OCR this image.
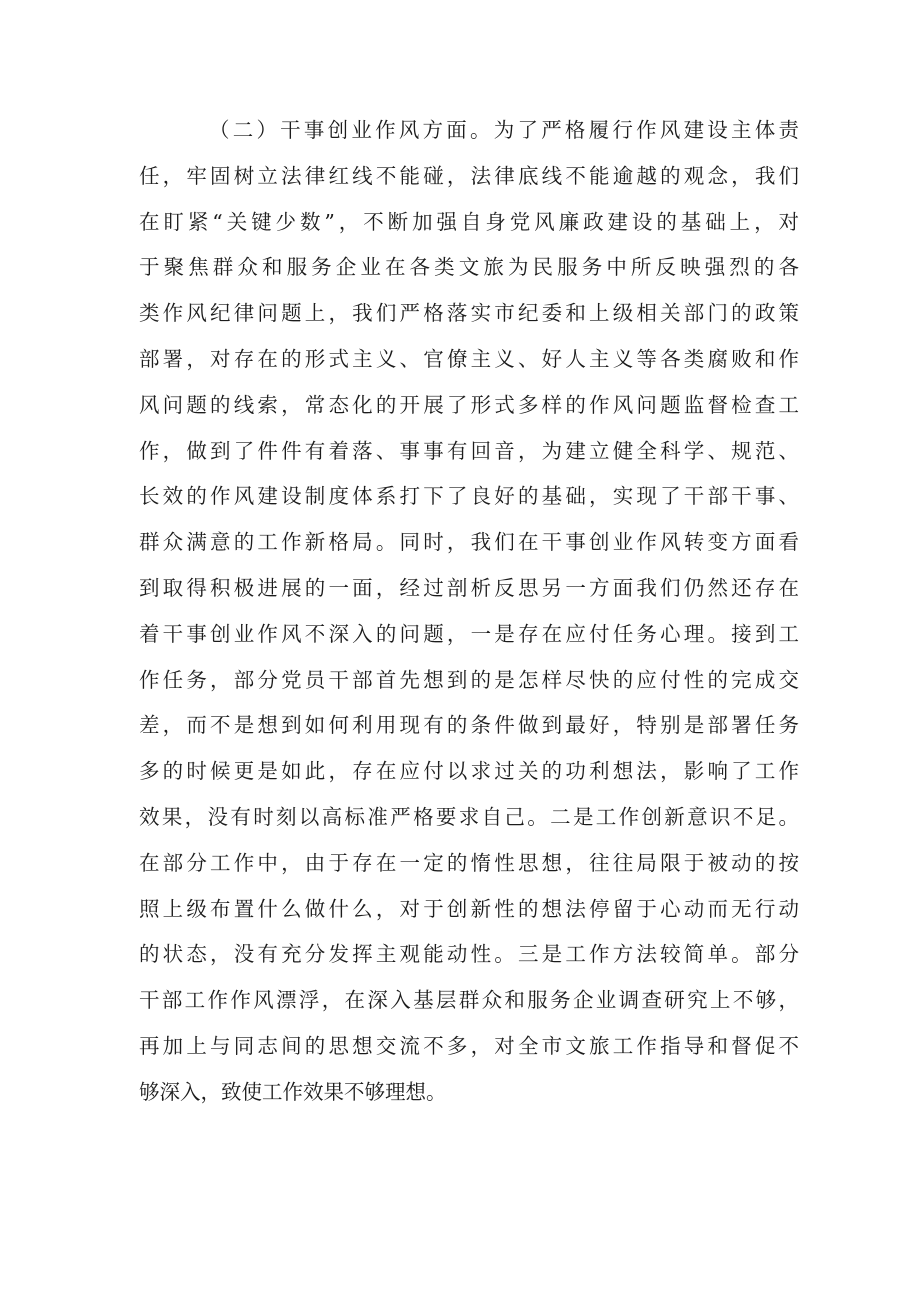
（二）干事创业作风方面。为了严格履行作风建设主体责
任，牢固树立法律红线不能碰，法律底线不能逾越的观念，我们
在盯紧“关键少数”，不断加强自身党风廉政建设的基础上，对
于聚焦群众和服务企业在各类文旅为民服务中所反映强烈的各
类作风纪律问题上，我们严格落实市纪委和上级相关部门的政策
部署，对存在的形式主义、官僚主义、好人主义等各类腐败和作
风问题的线索，常态化的开展了形式多样的作风问题监督检查工
作，做到了件件有着落、事事有回音，为建立健全科学、规范、
长效的作风建设制度体系打下了良好的基础，实现了干部干事、
群众满意的工作新格局。同时，我们在干事创业作风转变方面看
到取得积极进展的一面，经过剖析反思另一方面我们仍然还存在
着干事创业作风不深入的问题，一是存在应付任务心理。接到工
作任务，部分党员干部首先想到的是怎样尽快的应付性的完成交
差，而不是想到如何利用现有的条件做到最好，特别是部署任务
多的时候更是如此，存在应付以求过关的功利想法，影响了工作
效果，没有时刻以高标准严格要求自己。二是工作创新意识不足。
在部分工作中，由于存在一定的惰性思想，往往局限于被动的按
照上级布置什么做什么，对于创新性的想法停留于心动而无行动
的状态，没有充分发挥主观能动性。三是工作方法较简单。部分
干部工作作风漂浮，在深入基层群众和服务企业调查研究上不够，
再加上与同志间的思想交流不多，对全市文旅工作指导和督促不
够深入，致使工作效果不够理想。
